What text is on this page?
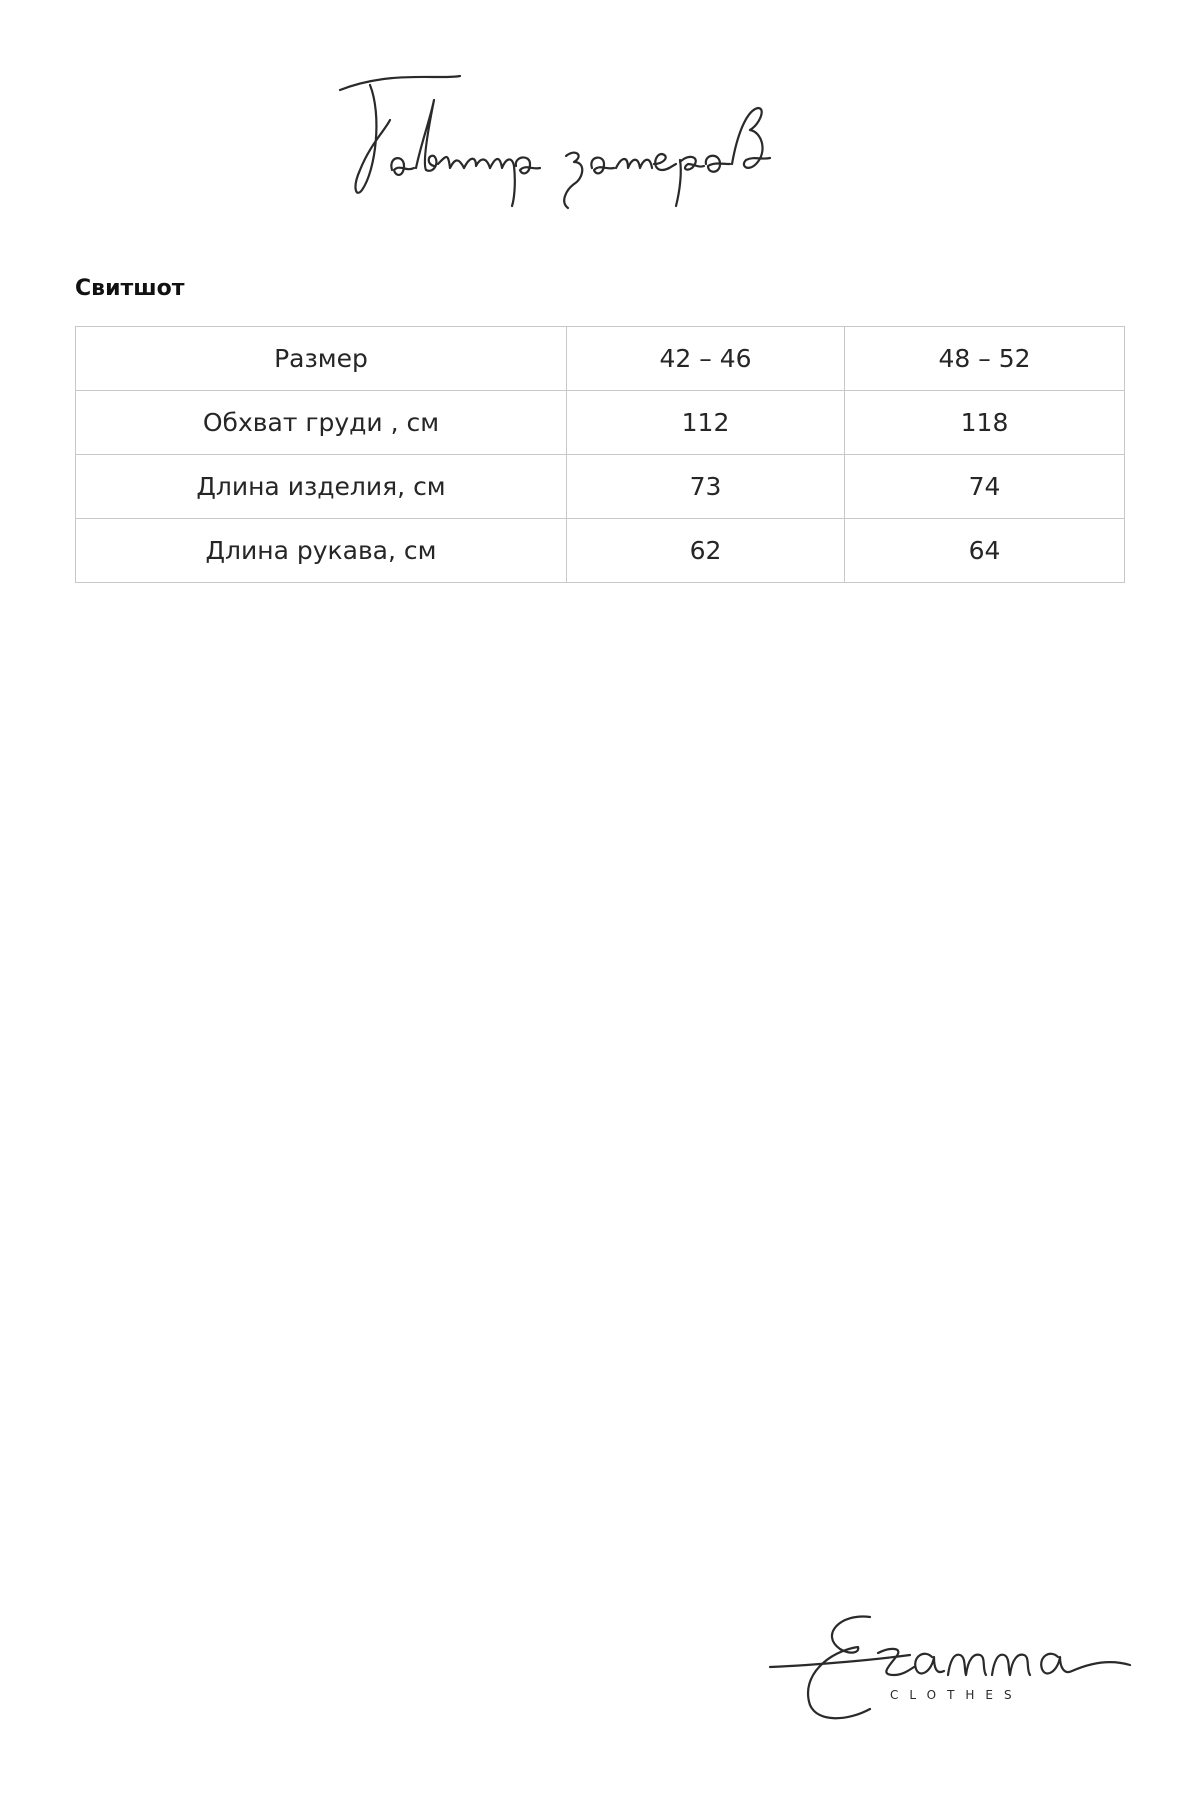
Свитшот
Размер	42 – 46	48 – 52
Обхват груди , см	112	118
Длина изделия, см	73	74
Длина рукава, см	62	64
CLOTHES
